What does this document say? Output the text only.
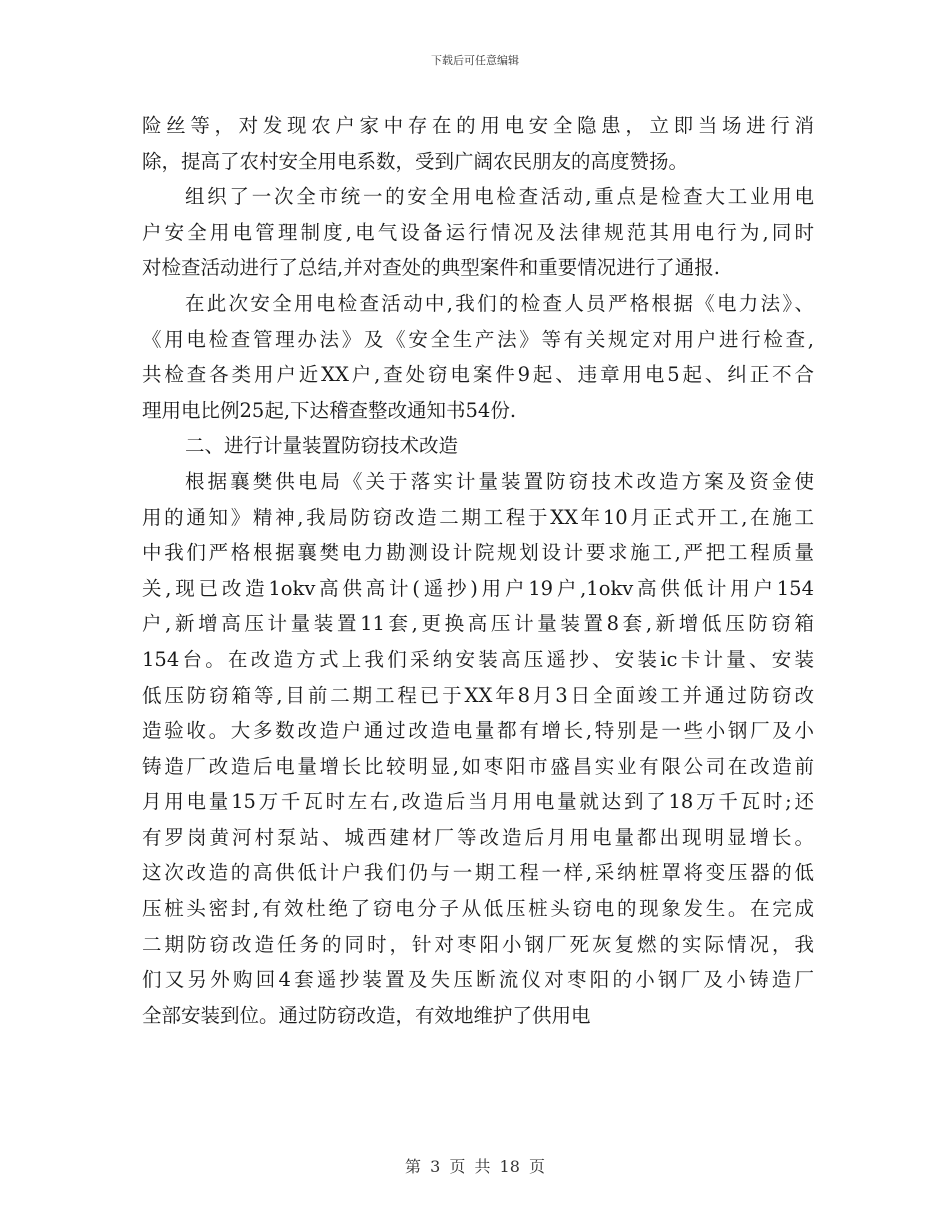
下载后可任意编辑
险丝等，对发现农户家中存在的用电安全隐患，立即当场进行消
除，提高了农村安全用电系数，受到广阔农民朋友的高度赞扬。
组织了一次全市统一的安全用电检查活动,重点是检查大工业用电
户安全用电管理制度,电气设备运行情况及法律规范其用电行为,同时
对检查活动进行了总结,并对查处的典型案件和重要情况进行了通报.
在此次安全用电检查活动中,我们的检查人员严格根据《电力法》、
《用电检查管理办法》及《安全生产法》等有关规定对用户进行检查,
共检查各类用户近XX户,查处窃电案件9起、违章用电5起、纠正不合
理用电比例25起,下达稽查整改通知书54份.
二、进行计量装置防窃技术改造
根据襄樊供电局《关于落实计量装置防窃技术改造方案及资金使
用的通知》精神,我局防窃改造二期工程于XX年10月正式开工,在施工
中我们严格根据襄樊电力勘测设计院规划设计要求施工,严把工程质量
关,现已改造1okv高供高计(遥抄)用户19户,1okv高供低计用户154
户,新增高压计量装置11套,更换高压计量装置8套,新增低压防窃箱
154台。在改造方式上我们采纳安装高压遥抄、安装ic卡计量、安装
低压防窃箱等,目前二期工程已于XX年8月3日全面竣工并通过防窃改
造验收。大多数改造户通过改造电量都有增长,特别是一些小钢厂及小
铸造厂改造后电量增长比较明显,如枣阳市盛昌实业有限公司在改造前
月用电量15万千瓦时左右,改造后当月用电量就达到了18万千瓦时;还
有罗岗黄河村泵站、城西建材厂等改造后月用电量都出现明显增长。
这次改造的高供低计户我们仍与一期工程一样,采纳桩罩将变压器的低
压桩头密封,有效杜绝了窃电分子从低压桩头窃电的现象发生。在完成
二期防窃改造任务的同时，针对枣阳小钢厂死灰复燃的实际情况，我
们又另外购回4套遥抄装置及失压断流仪对枣阳的小钢厂及小铸造厂
全部安装到位。通过防窃改造，有效地维护了供用电
第 3 页 共 18 页
